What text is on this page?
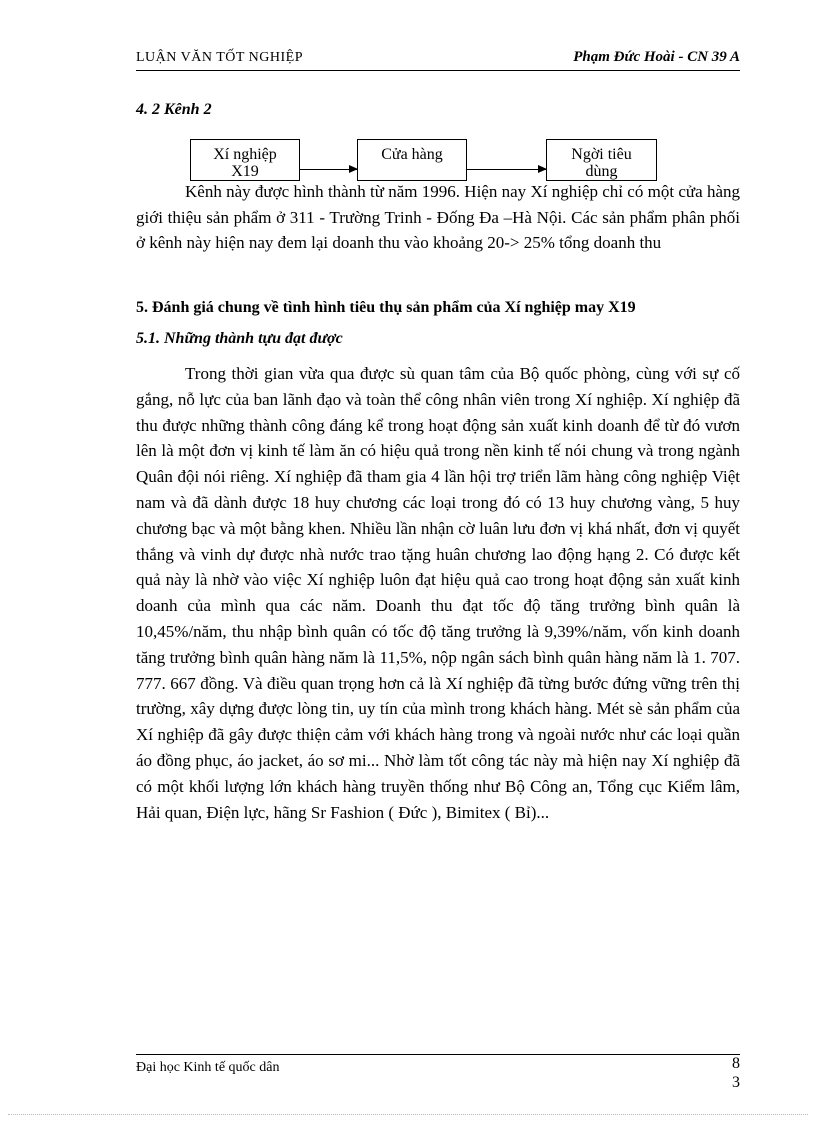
LUẬN VĂN TỐT NGHIỆP	Phạm Đức Hoài - CN 39 A
4. 2 Kênh 2
Xí nghiệp
X19
Cửa hàng	Ngời tiêu
dùng
Kênh này được hình thành từ năm 1996. Hiện nay Xí nghiệp chỉ có một cửa hàng giới thiệu sản phẩm ở 311 - Trường Trinh - Đống Đa –Hà Nội. Các sản phẩm phân phối ở kênh này hiện nay đem lại doanh thu vào khoảng 20-> 25% tổng doanh thu
5. Đánh giá chung về tình hình tiêu thụ sản phẩm của Xí nghiệp may X19
5.1. Những thành tựu đạt được
Trong thời gian vừa qua được sù quan tâm của Bộ quốc phòng, cùng với sự cố gắng, nỗ lực của ban lãnh đạo và toàn thể công nhân viên trong Xí nghiệp. Xí nghiệp đã thu được những thành công đáng kể trong hoạt động sản xuất kinh doanh để từ đó vươn lên là một đơn vị kinh tế làm ăn có hiệu quả trong nền kinh tế nói chung và trong ngành Quân đội nói riêng. Xí nghiệp đã tham gia 4 lần hội trợ triển lãm hàng công nghiệp Việt nam và đã dành được 18 huy chương các loại trong đó có 13 huy chương vàng, 5 huy chương bạc và một bằng khen. Nhiều lần nhận cờ luân lưu đơn vị khá nhất, đơn vị quyết thắng và vinh dự được nhà nước trao tặng huân chương lao động hạng 2. Có được kết quả này là nhờ vào việc Xí nghiệp luôn đạt hiệu quả cao trong hoạt động sản xuất kinh doanh của mình qua các năm. Doanh thu đạt tốc độ tăng trưởng bình quân là 10,45%/năm, thu nhập bình quân có tốc độ tăng trưởng là 9,39%/năm, vốn kinh doanh tăng trưởng bình quân hàng năm là 11,5%, nộp ngân sách bình quân hàng năm là 1. 707. 777. 667 đồng. Và điều quan trọng hơn cả là Xí nghiệp đã từng bước đứng vững trên thị trường, xây dựng được lòng tin, uy tín của mình trong khách hàng. Mét sè sản phẩm của Xí nghiệp đã gây được thiện cảm với khách hàng trong và ngoài nước như các loại quần áo đồng phục, áo jacket, áo sơ mi... Nhờ làm tốt công tác này mà hiện nay Xí nghiệp đã có một khối lượng lớn khách hàng truyền thống như Bộ Công an, Tổng cục Kiểm lâm, Hải quan, Điện lực, hãng Sr Fashion ( Đức ), Bimitex ( Bỉ)...
Đại học Kinh tế quốc dân	8
3
